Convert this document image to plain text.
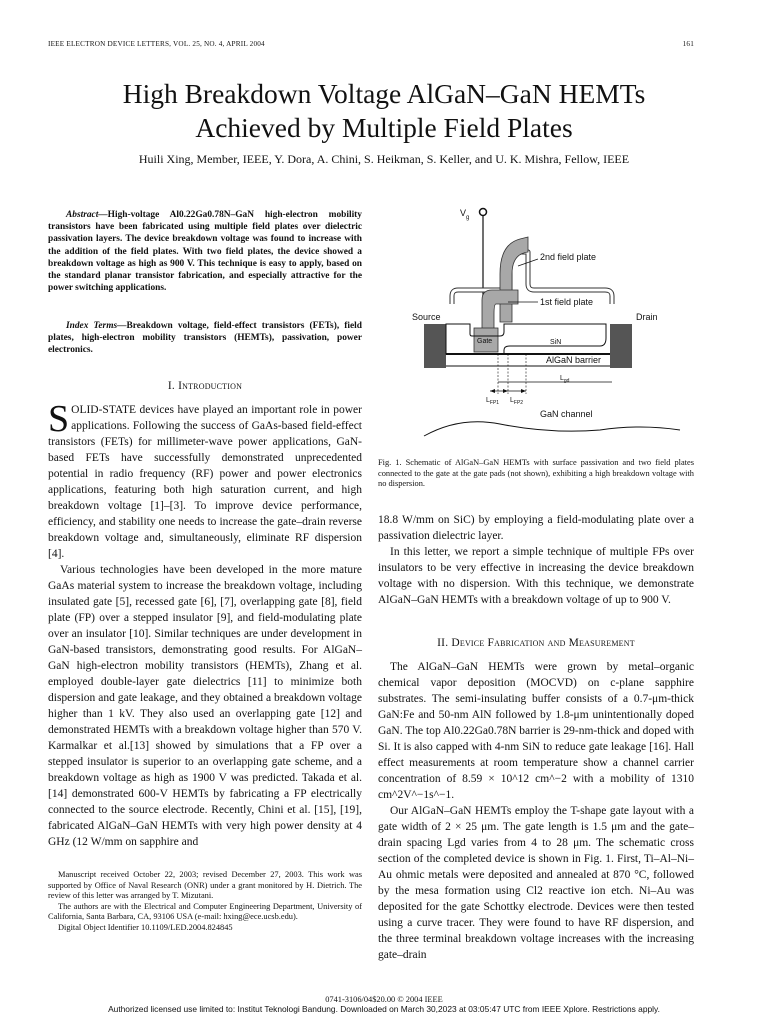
IEEE ELECTRON DEVICE LETTERS, VOL. 25, NO. 4, APRIL 2004	161
High Breakdown Voltage AlGaN–GaN HEMTs
Achieved by Multiple Field Plates
Huili Xing, Member, IEEE, Y. Dora, A. Chini, S. Heikman, S. Keller, and U. K. Mishra, Fellow, IEEE
Abstract—High-voltage Al0.22Ga0.78N–GaN high-electron mobility transistors have been fabricated using multiple field plates over dielectric passivation layers. The device breakdown voltage was found to increase with the addition of the field plates. With two field plates, the device showed a breakdown voltage as high as 900 V. This technique is easy to apply, based on the standard planar transistor fabrication, and especially attractive for the power switching applications.
Index Terms—Breakdown voltage, field-effect transistors (FETs), field plates, high-electron mobility transistors (HEMTs), passivation, power electronics.
I. Introduction

SOLID-STATE devices have played an important role in power applications. Following the success of GaAs-based field-effect transistors (FETs) for millimeter-wave power applications, GaN-based FETs have successfully demonstrated unprecedented potential in radio frequency (RF) power and power electronics applications, featuring both high saturation current, and high breakdown voltage [1]–[3]. To improve device performance, efficiency, and stability one needs to increase the gate–drain reverse breakdown voltage and, simultaneously, eliminate RF dispersion [4].

Various technologies have been developed in the more mature GaAs material system to increase the breakdown voltage, including insulated gate [5], recessed gate [6], [7], overlapping gate [8], field plate (FP) over a stepped insulator [9], and field-modulating plate over an insulator [10]. Similar techniques are under development in GaN-based transistors, demonstrating good results. For AlGaN–GaN high-electron mobility transistors (HEMTs), Zhang et al. employed double-layer gate dielectrics [11] to minimize both dispersion and gate leakage, and they obtained a breakdown voltage higher than 1 kV. They also used an overlapping gate [12] and demonstrated HEMTs with a breakdown voltage higher than 570 V. Karmalkar et al.[13] showed by simulations that a FP over a stepped insulator is superior to an overlapping gate scheme, and a breakdown voltage as high as 1900 V was predicted. Takada et al. [14] demonstrated 600-V HEMTs by fabricating a FP electrically connected to the source electrode. Recently, Chini et al. [15], [19], fabricated AlGaN–GaN HEMTs with very high power density at 4 GHz (12 W/mm on sapphire and

Manuscript received October 22, 2003; revised December 27, 2003. This work was supported by Office of Naval Research (ONR) under a grant monitored by H. Dietrich. The review of this letter was arranged by T. Mizutani.

The authors are with the Electrical and Computer Engineering Department, University of California, Santa Barbara, CA, 93106 USA (e-mail: hxing@ece.ucsb.edu).

Digital Object Identifier 10.1109/LED.2004.824845

$V_g$
Gate
Source	Drain
SiN
AlGaN barrier
$L_{gd}$
$L_{FP1}$ $L_{FP2}$
2nd field plate
1st field plate
GaN channel
Fig. 1. Schematic of AlGaN–GaN HEMTs with surface passivation and two field plates connected to the gate at the gate pads (not shown), exhibiting a high breakdown voltage with no dispersion.

18.8 W/mm on SiC) by employing a field-modulating plate over a passivation dielectric layer.

In this letter, we report a simple technique of multiple FPs over insulators to be very effective in increasing the device breakdown voltage with no dispersion. With this technique, we demonstrate AlGaN–GaN HEMTs with a breakdown voltage of up to 900 V.

II. Device Fabrication and Measurement

The AlGaN–GaN HEMTs were grown by metal–organic chemical vapor deposition (MOCVD) on c-plane sapphire substrates. The semi-insulating buffer consists of a 0.7-μm-thick GaN:Fe and 50-nm AlN followed by 1.8-μm unintentionally doped GaN. The top Al0.22Ga0.78N barrier is 29-nm-thick and doped with Si. It is also capped with 4-nm SiN to reduce gate leakage [16]. Hall effect measurements at room temperature show a channel carrier concentration of 8.59 × 10^12 cm^−2 with a mobility of 1310 cm^2V^−1s^−1.

Our AlGaN–GaN HEMTs employ the T-shape gate layout with a gate width of 2 × 25 μm. The gate length is 1.5 μm and the gate–drain spacing Lgd varies from 4 to 28 μm. The schematic cross section of the completed device is shown in Fig. 1. First, Ti–Al–Ni–Au ohmic metals were deposited and annealed at 870 °C, followed by the mesa formation using Cl2 reactive ion etch. Ni–Au was deposited for the gate Schottky electrode. Devices were then tested using a curve tracer. They were found to have RF dispersion, and the three terminal breakdown voltage increases with the increasing gate–drain

0741-3106/04$20.00 © 2004 IEEE
Authorized licensed use limited to: Institut Teknologi Bandung. Downloaded on March 30,2023 at 03:05:47 UTC from IEEE Xplore. Restrictions apply.
